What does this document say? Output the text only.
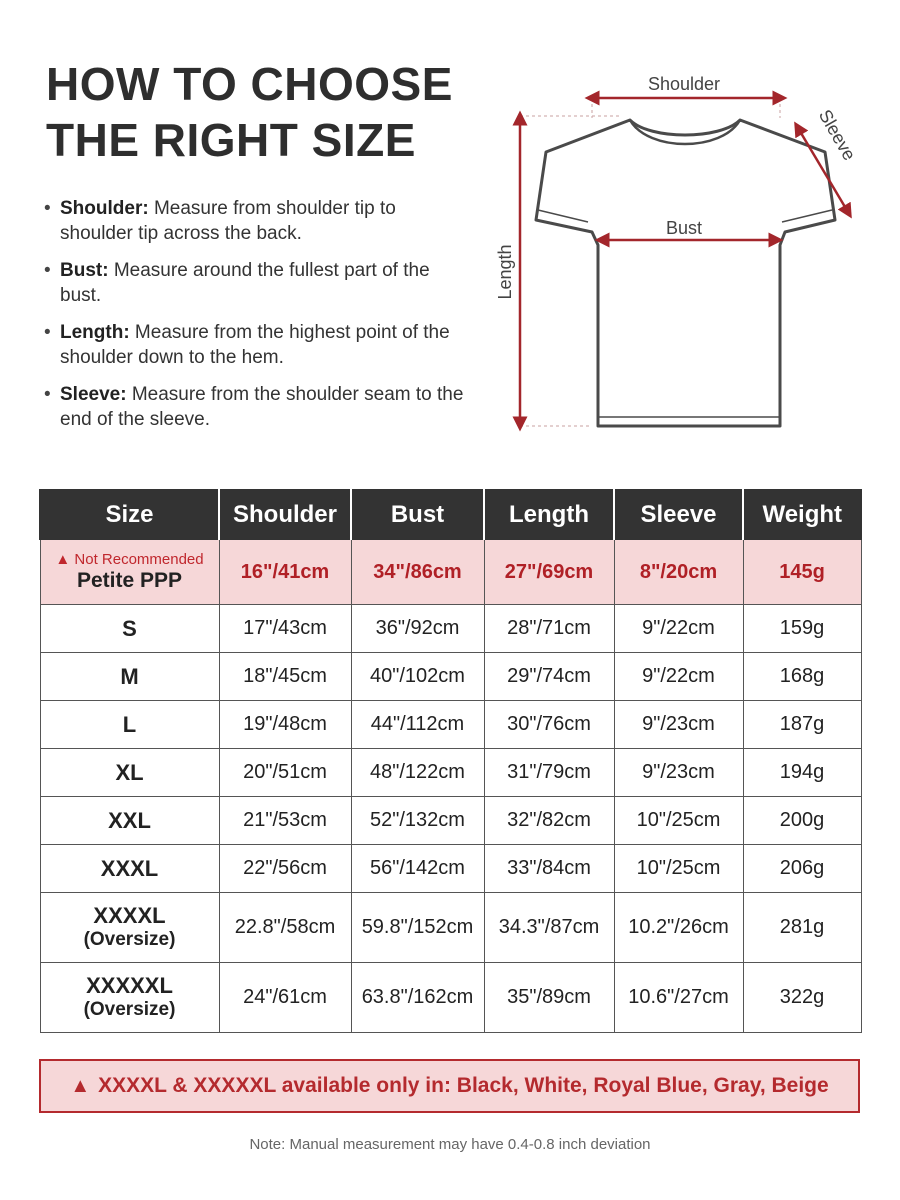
HOW TO CHOOSE
THE RIGHT SIZE
• Shoulder: Measure from shoulder tip to shoulder tip across the back.
• Bust: Measure around the fullest part of the bust.
• Length: Measure from the highest point of the shoulder down to the hem.
• Sleeve: Measure from the shoulder seam to the end of the sleeve.
Shoulder
Sleeve
Bust
Length
Size	Shoulder	Bust	Length	Sleeve	Weight

▲ Not Recommended
Petite PPP	16"/41cm	34"/86cm	27"/69cm	8"/20cm	145g
S	17"/43cm	36"/92cm	28"/71cm	9"/22cm	159g
M	18"/45cm	40"/102cm	29"/74cm	9"/22cm	168g
L	19"/48cm	44"/112cm	30"/76cm	9"/23cm	187g
XL	20"/51cm	48"/122cm	31"/79cm	9"/23cm	194g
XXL	21"/53cm	52"/132cm	32"/82cm	10"/25cm	200g
XXXL	22"/56cm	56"/142cm	33"/84cm	10"/25cm	206g
XXXXL
(Oversize)	22.8"/58cm	59.8"/152cm	34.3"/87cm	10.2"/26cm	281g
XXXXXL
(Oversize)	24"/61cm	63.8"/162cm	35"/89cm	10.6"/27cm	322g
▲ XXXXL & XXXXXL available only in: Black, White, Royal Blue, Gray, Beige
Note: Manual measurement may have 0.4-0.8 inch deviation
